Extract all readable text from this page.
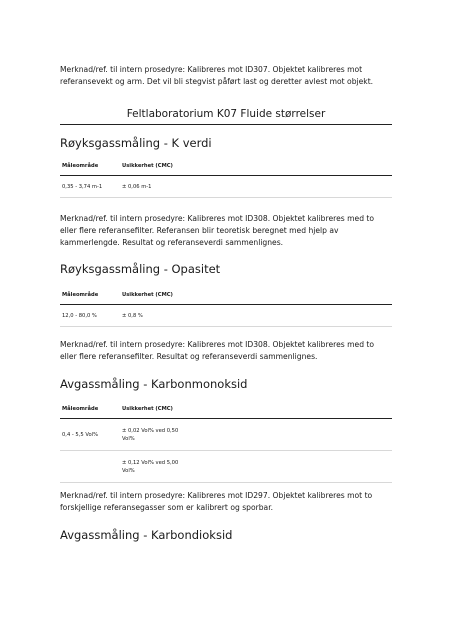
Merknad/ref. til intern prosedyre: Kalibreres mot ID307. Objektet kalibreres mot referansevekt og arm. Det vil bli stegvist påført last og deretter avlest mot objekt.

Feltlaboratorium K07 Fluide størrelser
Røyksgassmåling - K verdi
Måleområde	Usikkerhet (CMC)
0,35 - 3,74 m-1	± 0,06 m-1

Merknad/ref. til intern prosedyre: Kalibreres mot ID308. Objektet kalibreres med to eller flere referansefilter. Referansen blir teoretisk beregnet med hjelp av kammerlengde. Resultat og referanseverdi sammenlignes.

Røyksgassmåling - Opasitet
Måleområde	Usikkerhet (CMC)
12,0 - 80,0 %	± 0,8 %

Merknad/ref. til intern prosedyre: Kalibreres mot ID308. Objektet kalibreres med to eller flere referansefilter. Resultat og referanseverdi sammenlignes.

Avgassmåling - Karbonmonoksid
Måleområde	Usikkerhet (CMC)
0,4 - 5,5 Vol%	± 0,02 Vol% ved 0,50
Vol%

	± 0,12 Vol% ved 5,00
Vol%

Merknad/ref. til intern prosedyre: Kalibreres mot ID297. Objektet kalibreres mot to forskjellige referansegasser som er kalibrert og sporbar.

Avgassmåling - Karbondioksid
